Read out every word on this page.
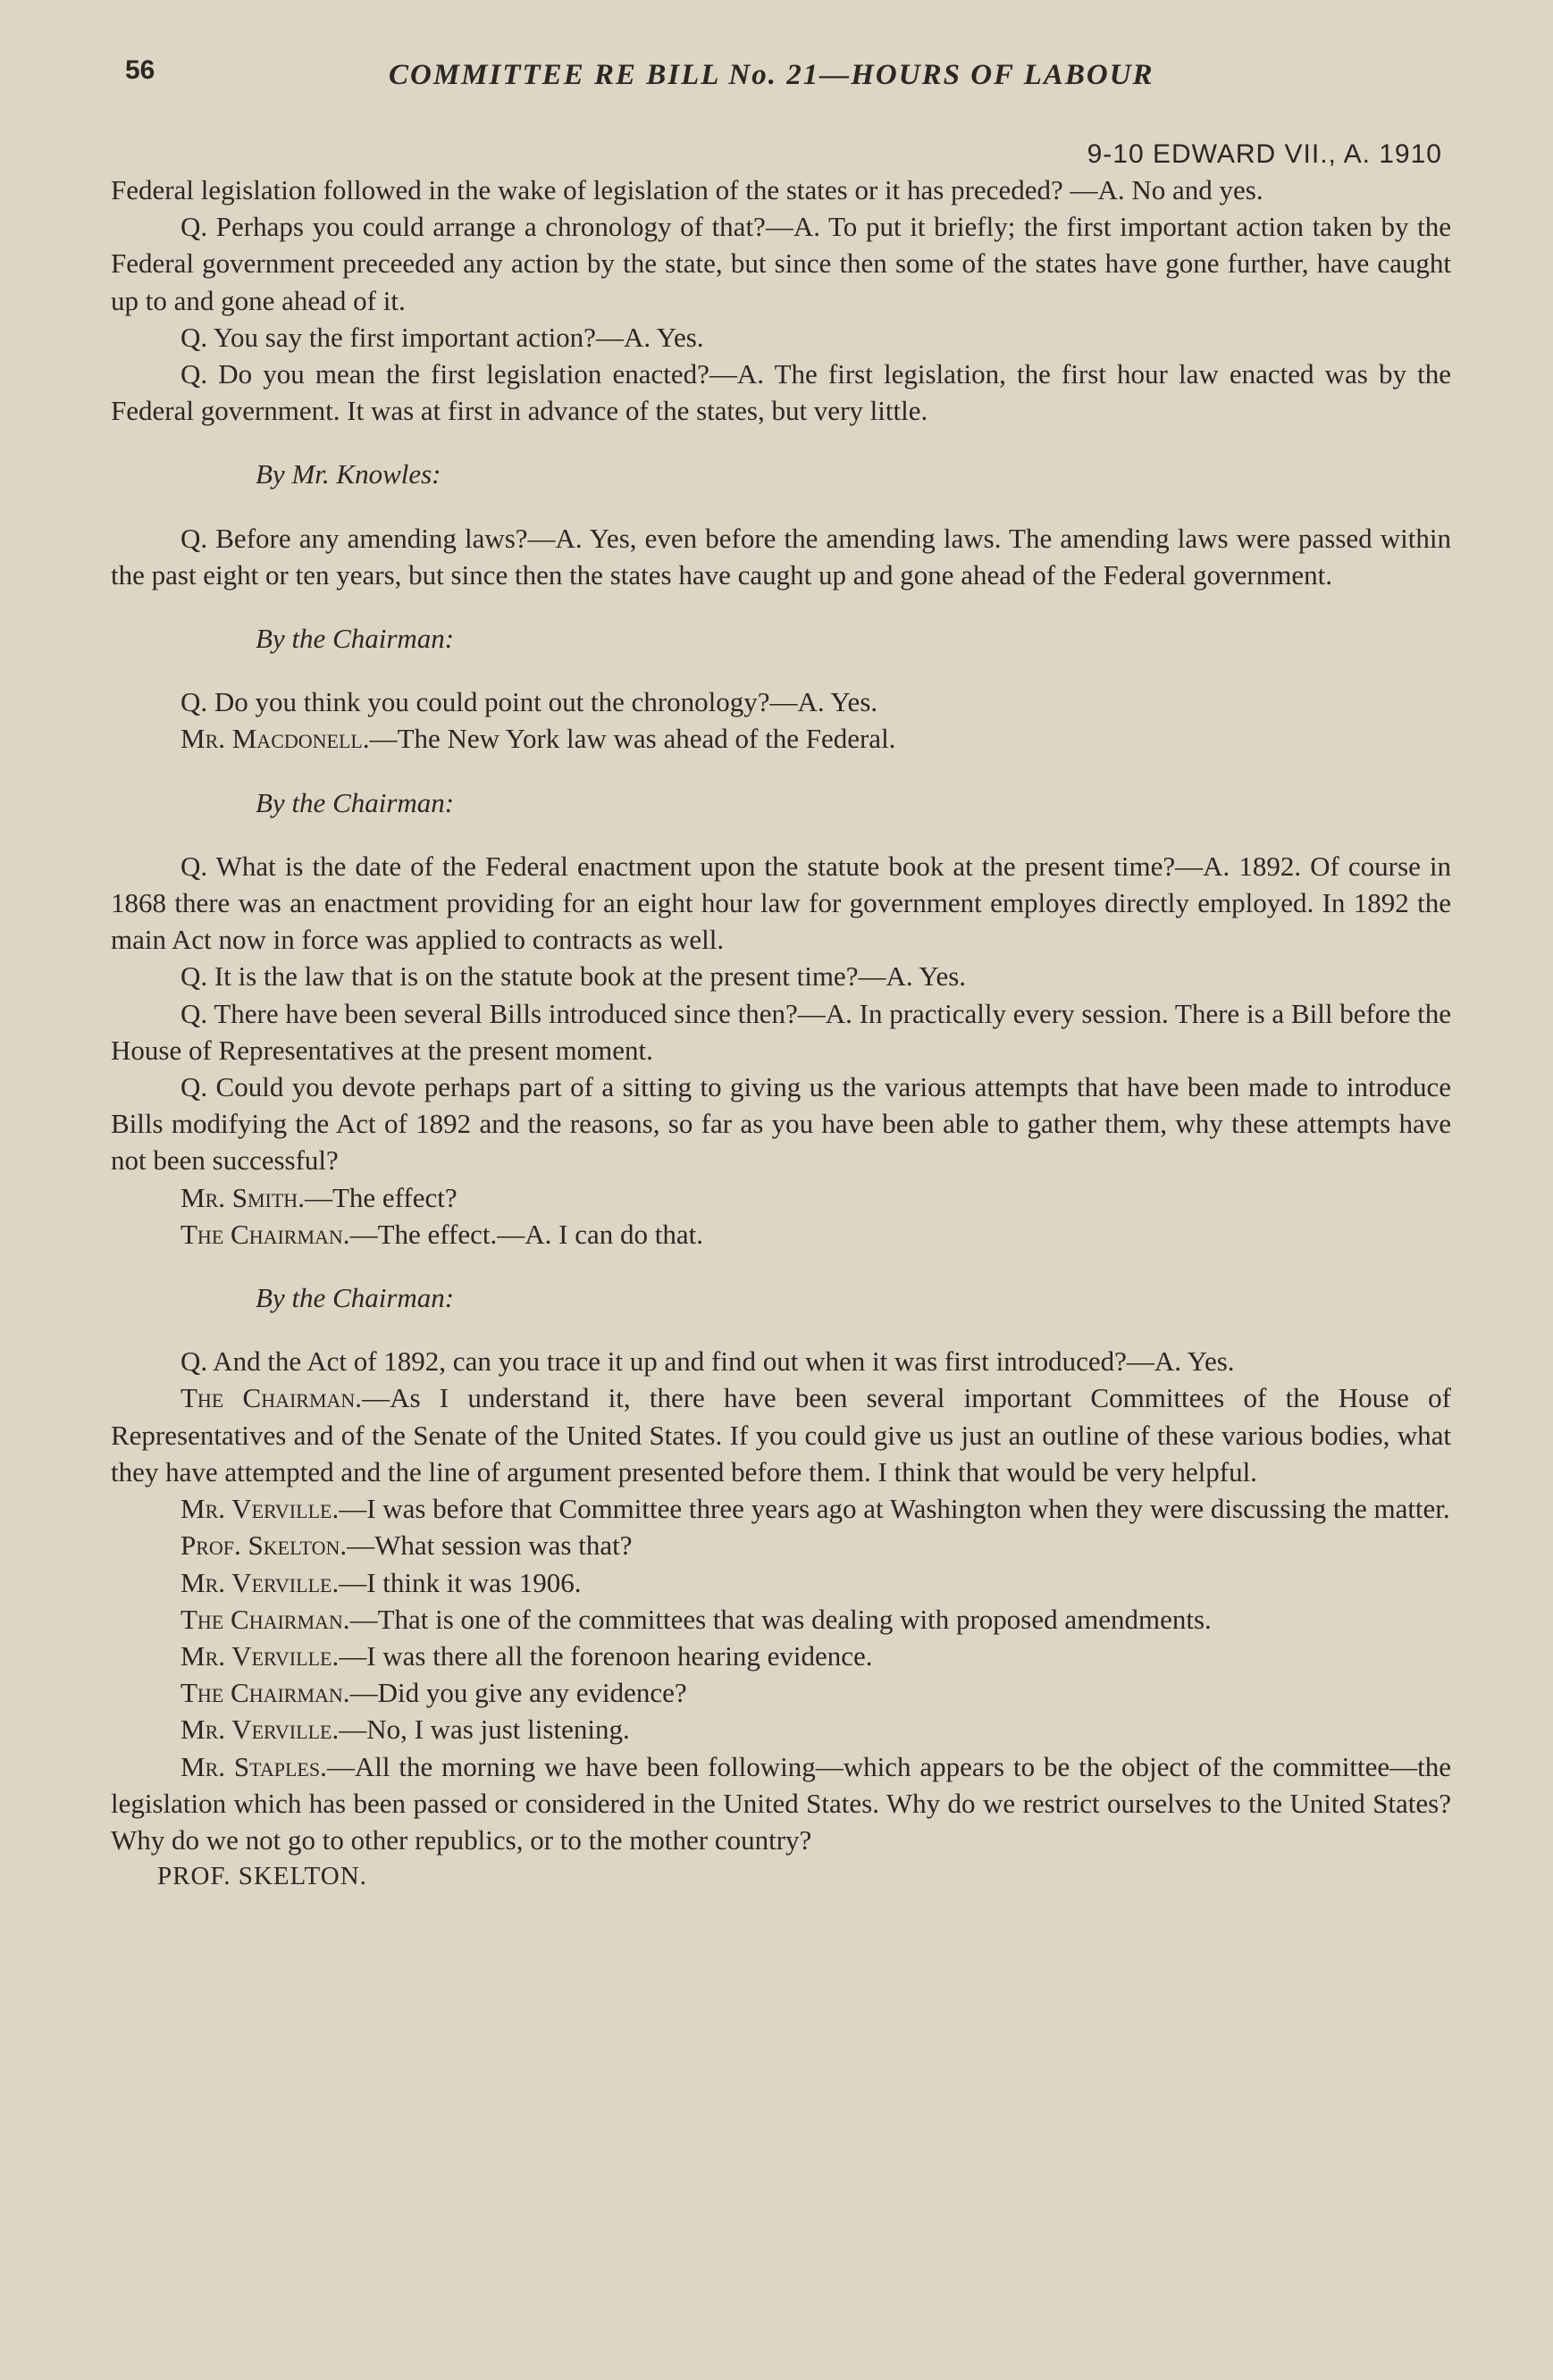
56	COMMITTEE RE BILL No. 21—HOURS OF LABOUR
9-10 EDWARD VII., A. 1910

Federal legislation followed in the wake of legislation of the states or it has preceded? —A. No and yes.

Q. Perhaps you could arrange a chronology of that?—A. To put it briefly; the first important action taken by the Federal government preceeded any action by the state, but since then some of the states have gone further, have caught up to and gone ahead of it.

Q. You say the first important action?—A. Yes.

Q. Do you mean the first legislation enacted?—A. The first legislation, the first hour law enacted was by the Federal government. It was at first in advance of the states, but very little.

By Mr. Knowles:

Q. Before any amending laws?—A. Yes, even before the amending laws. The amending laws were passed within the past eight or ten years, but since then the states have caught up and gone ahead of the Federal government.

By the Chairman:

Q. Do you think you could point out the chronology?—A. Yes.

Mr. Macdonell.—The New York law was ahead of the Federal.

By the Chairman:

Q. What is the date of the Federal enactment upon the statute book at the present time?—A. 1892. Of course in 1868 there was an enactment providing for an eight hour law for government employes directly employed. In 1892 the main Act now in force was applied to contracts as well.

Q. It is the law that is on the statute book at the present time?—A. Yes.

Q. There have been several Bills introduced since then?—A. In practically every session. There is a Bill before the House of Representatives at the present moment.

Q. Could you devote perhaps part of a sitting to giving us the various attempts that have been made to introduce Bills modifying the Act of 1892 and the reasons, so far as you have been able to gather them, why these attempts have not been successful?

Mr. Smith.—The effect?

The Chairman.—The effect.—A. I can do that.

By the Chairman:

Q. And the Act of 1892, can you trace it up and find out when it was first introduced?—A. Yes.

The Chairman.—As I understand it, there have been several important Committees of the House of Representatives and of the Senate of the United States. If you could give us just an outline of these various bodies, what they have attempted and the line of argument presented before them. I think that would be very helpful.

Mr. Verville.—I was before that Committee three years ago at Washington when they were discussing the matter.

Prof. Skelton.—What session was that?

Mr. Verville.—I think it was 1906.

The Chairman.—That is one of the committees that was dealing with proposed amendments.

Mr. Verville.—I was there all the forenoon hearing evidence.

The Chairman.—Did you give any evidence?

Mr. Verville.—No, I was just listening.

Mr. Staples.—All the morning we have been following—which appears to be the object of the committee—the legislation which has been passed or considered in the United States. Why do we restrict ourselves to the United States? Why do we not go to other republics, or to the mother country?

PROF. SKELTON.
